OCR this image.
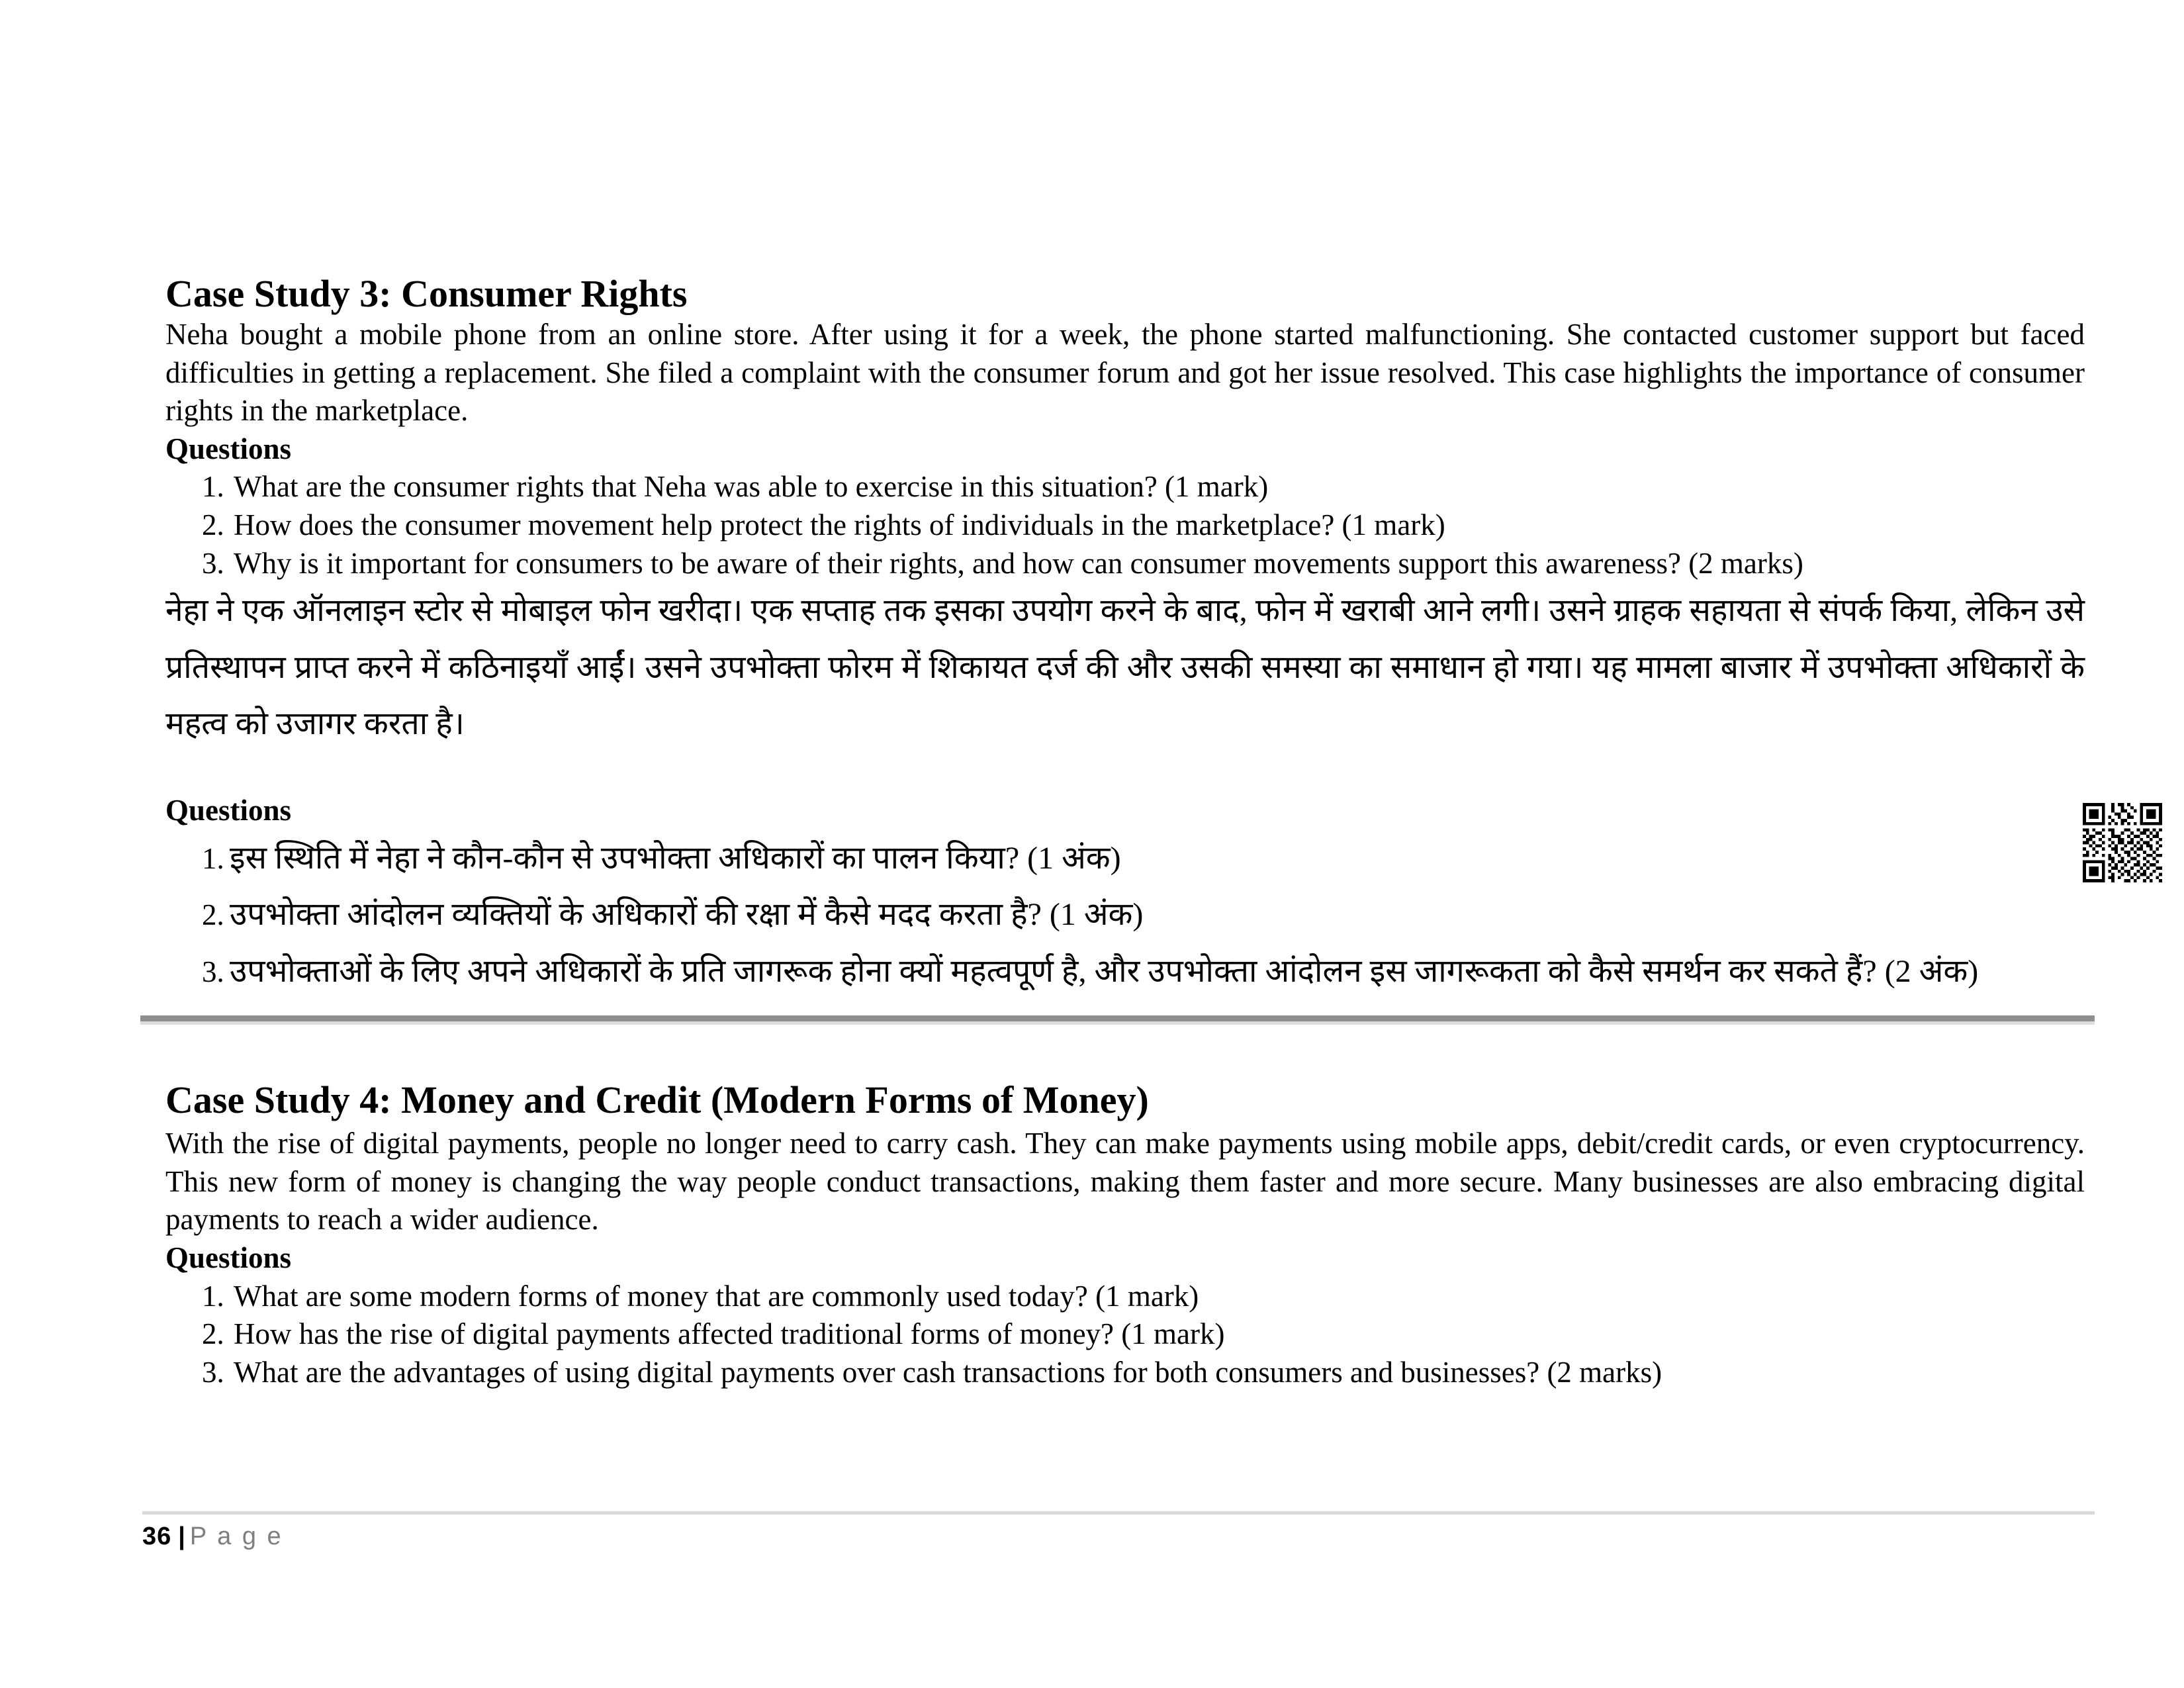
Case Study 3: Consumer Rights

Neha bought a mobile phone from an online store. After using it for a week, the phone started malfunctioning. She contacted customer support but faced difficulties in getting a replacement. She filed a complaint with the consumer forum and got her issue resolved. This case highlights the importance of consumer rights in the marketplace.

Questions
1. What are the consumer rights that Neha was able to exercise in this situation? (1 mark)
2. How does the consumer movement help protect the rights of individuals in the marketplace? (1 mark)
3. Why is it important for consumers to be aware of their rights, and how can consumer movements support this awareness? (2 marks)

नेहा ने एक ऑनलाइन स्टोर से मोबाइल फोन खरीदा। एक सप्ताह तक इसका उपयोग करने के बाद, फोन में खराबी आने लगी। उसने ग्राहक सहायता से संपर्क किया, लेकिन उसे प्रतिस्थापन प्राप्त करने में कठिनाइयाँ आईं। उसने उपभोक्ता फोरम में शिकायत दर्ज की और उसकी समस्या का समाधान हो गया। यह मामला बाजार में उपभोक्ता अधिकारों के महत्व को उजागर करता है।

Questions
1. इस स्थिति में नेहा ने कौन-कौन से उपभोक्ता अधिकारों का पालन किया? (1 अंक)
2. उपभोक्ता आंदोलन व्यक्तियों के अधिकारों की रक्षा में कैसे मदद करता है? (1 अंक)
3. उपभोक्ताओं के लिए अपने अधिकारों के प्रति जागरूक होना क्यों महत्वपूर्ण है, और उपभोक्ता आंदोलन इस जागरूकता को कैसे समर्थन कर सकते हैं? (2 अंक)
Case Study 4: Money and Credit (Modern Forms of Money)

With the rise of digital payments, people no longer need to carry cash. They can make payments using mobile apps, debit/credit cards, or even cryptocurrency. This new form of money is changing the way people conduct transactions, making them faster and more secure. Many businesses are also embracing digital payments to reach a wider audience.

Questions
1. What are some modern forms of money that are commonly used today? (1 mark)
2. How has the rise of digital payments affected traditional forms of money? (1 mark)
3. What are the advantages of using digital payments over cash transactions for both consumers and businesses? (2 marks)
36 | P a g e
